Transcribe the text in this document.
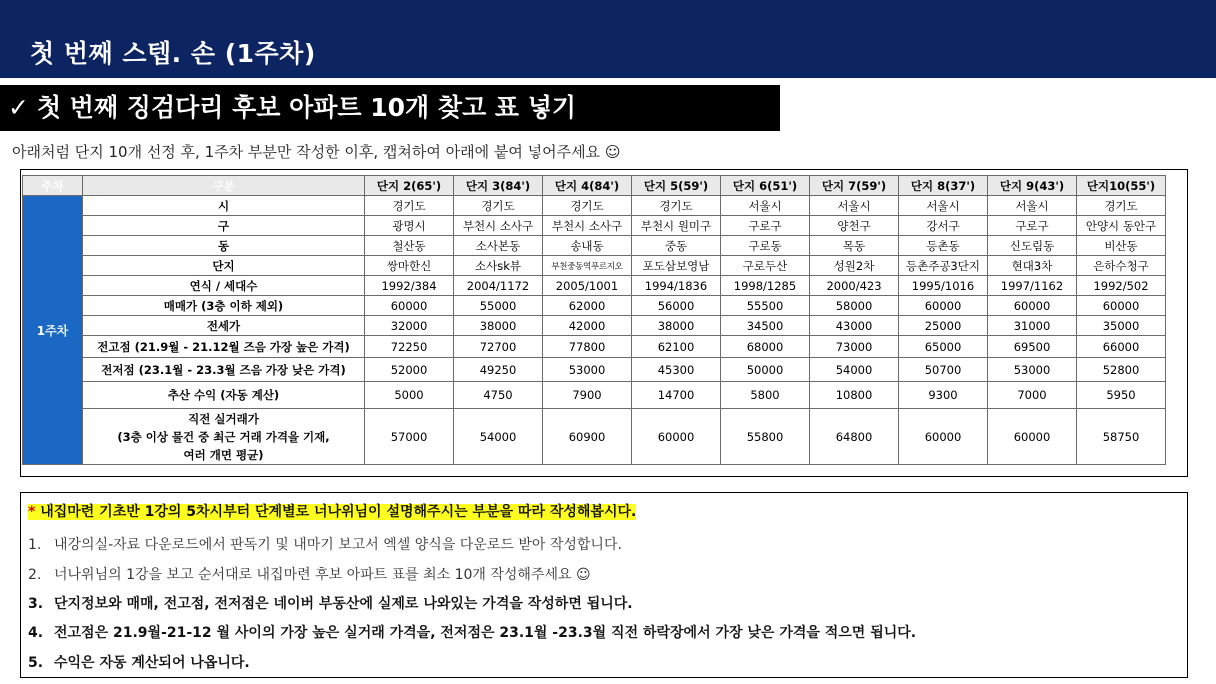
첫 번째 스텝. 손 (1주차)
✓ 첫 번째 징검다리 후보 아파트 10개 찾고 표 넣기
아래처럼 단지 10개 선정 후, 1주차 부분만 작성한 이후, 캡쳐하여 아래에 붙여 넣어주세요 ☺
주차	구분	단지 2(65')	단지 3(84')	단지 4(84')	단지 5(59')	단지 6(51')	단지 7(59')	단지 8(37')	단지 9(43')	단지10(55')
1주차	시	경기도	경기도	경기도	경기도	서울시	서울시	서울시	서울시	경기도
	구	광명시	부천시 소사구	부천시 소사구	부천시 원미구	구로구	양천구	강서구	구로구	안양시 동안구
	동	철산동	소사본동	송내동	중동	구로동	목동	등촌동	신도림동	비산동
	단지	쌍마한신	소사sk뷰	부천중동역푸르지오	포도삼보영남	구로두산	성원2차	등촌주공3단지	현대3차	은하수청구
	연식 / 세대수	1992/384	2004/1172	2005/1001	1994/1836	1998/1285	2000/423	1995/1016	1997/1162	1992/502
	매매가 (3층 이하 제외)	60000	55000	62000	56000	55500	58000	60000	60000	60000
	전세가	32000	38000	42000	38000	34500	43000	25000	31000	35000
	전고점 (21.9월 - 21.12월 즈음 가장 높은 가격)	72250	72700	77800	62100	68000	73000	65000	69500	66000
	전저점 (23.1월 - 23.3월 즈음 가장 낮은 가격)	52000	49250	53000	45300	50000	54000	50700	53000	52800
	추산 수익 (자동 계산)	5000	4750	7900	14700	5800	10800	9300	7000	5950

	직전 실거래가
(3층 이상 물건 중 최근 거래 가격을 기재,
여러 개면 평균)	57000	54000	60900	60000	55800	64800	60000	60000	58750
* 내집마련 기초반 1강의 5차시부터 단계별로 너나위님이 설명해주시는 부분을 따라 작성해봅시다.
1. 내강의실-자료 다운로드에서 판독기 및 내마기 보고서 엑셀 양식을 다운로드 받아 작성합니다.
2. 너나위님의 1강을 보고 순서대로 내집마련 후보 아파트 표를 최소 10개 작성해주세요 ☺
3. 단지정보와 매매, 전고점, 전저점은 네이버 부동산에 실제로 나와있는 가격을 작성하면 됩니다.
4. 전고점은 21.9월-21-12 월 사이의 가장 높은 실거래 가격을, 전저점은 23.1월 -23.3월 직전 하락장에서 가장 낮은 가격을 적으면 됩니다.
5. 수익은 자동 계산되어 나옵니다.
